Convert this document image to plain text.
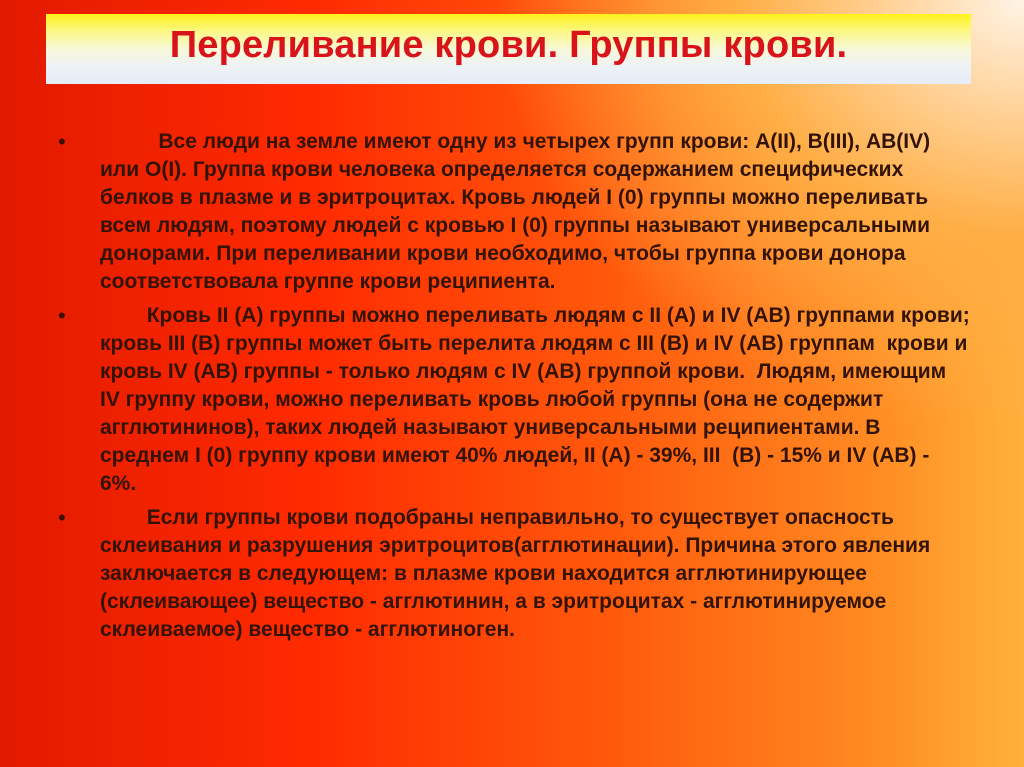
Переливание крови. Группы крови.
• Все люди на земле имеют одну из четырех групп крови: А(II), В(III), АВ(IV) или О(I). Группа крови человека определяется содержанием специфических белков в плазме и в эритроцитах. Кровь людей I (0) группы можно переливать всем людям, поэтому людей с кровью I (0) группы называют универсальными донорами. При переливании крови необходимо, чтобы группа крови донора соответствовала группе крови реципиента.

• Кровь II (А) группы можно переливать людям с II (А) и IV (АВ) группами крови; кровь III (В) группы может быть перелита людям с III (В) и IV (АВ) группам  крови и кровь IV (АВ) группы - только людям с IV (АВ) группой крови.  Людям, имеющим IV группу крови, можно переливать кровь любой группы (она не содержит агглютининов), таких людей называют универсальными реципиентами. В среднем I (0) группу крови имеют 40% людей, II (А) - 39%, III  (В) - 15% и IV (АВ) - 6%.

• Если группы крови подобраны неправильно, то существует опасность склеивания и разрушения эритроцитов(агглютинации). Причина этого явления заключается в следующем: в плазме крови находится агглютинирующее (склеивающее) вещество - агглютинин, а в эритроцитах - агглютинируемое склеиваемое) вещество - агглютиноген.
